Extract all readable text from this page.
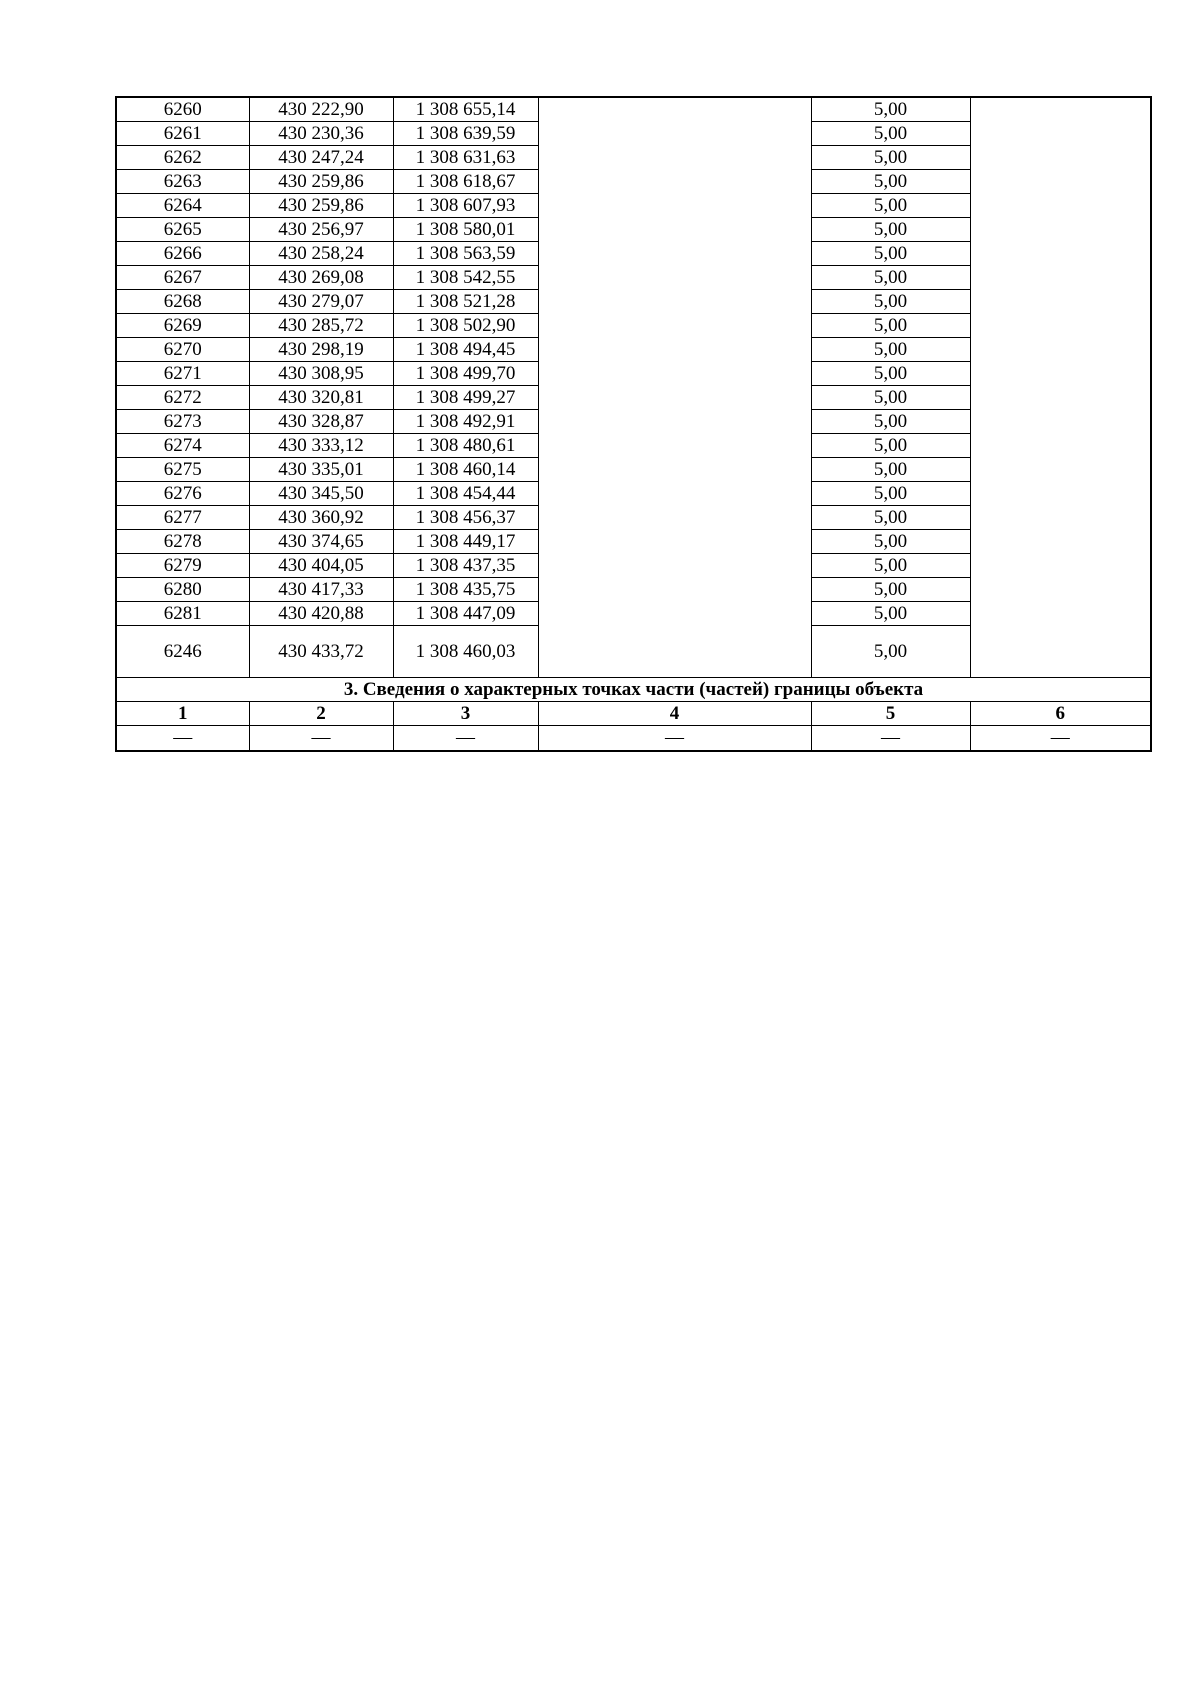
6260	430 222,90	1 308 655,14		5,00	
6261	430 230,36	1 308 639,59		5,00	
6262	430 247,24	1 308 631,63		5,00	
6263	430 259,86	1 308 618,67		5,00	
6264	430 259,86	1 308 607,93		5,00	
6265	430 256,97	1 308 580,01		5,00	
6266	430 258,24	1 308 563,59		5,00	
6267	430 269,08	1 308 542,55		5,00	
6268	430 279,07	1 308 521,28		5,00	
6269	430 285,72	1 308 502,90		5,00	
6270	430 298,19	1 308 494,45		5,00	
6271	430 308,95	1 308 499,70		5,00	
6272	430 320,81	1 308 499,27		5,00	
6273	430 328,87	1 308 492,91		5,00	
6274	430 333,12	1 308 480,61		5,00	
6275	430 335,01	1 308 460,14		5,00	
6276	430 345,50	1 308 454,44		5,00	
6277	430 360,92	1 308 456,37		5,00	
6278	430 374,65	1 308 449,17		5,00	
6279	430 404,05	1 308 437,35		5,00	
6280	430 417,33	1 308 435,75		5,00	
6281	430 420,88	1 308 447,09		5,00	
6246	430 433,72	1 308 460,03		5,00	
3. Сведения о характерных точках части (частей) границы объекта					
1	2	3	4	5	6
—	—	—	—	—	—
